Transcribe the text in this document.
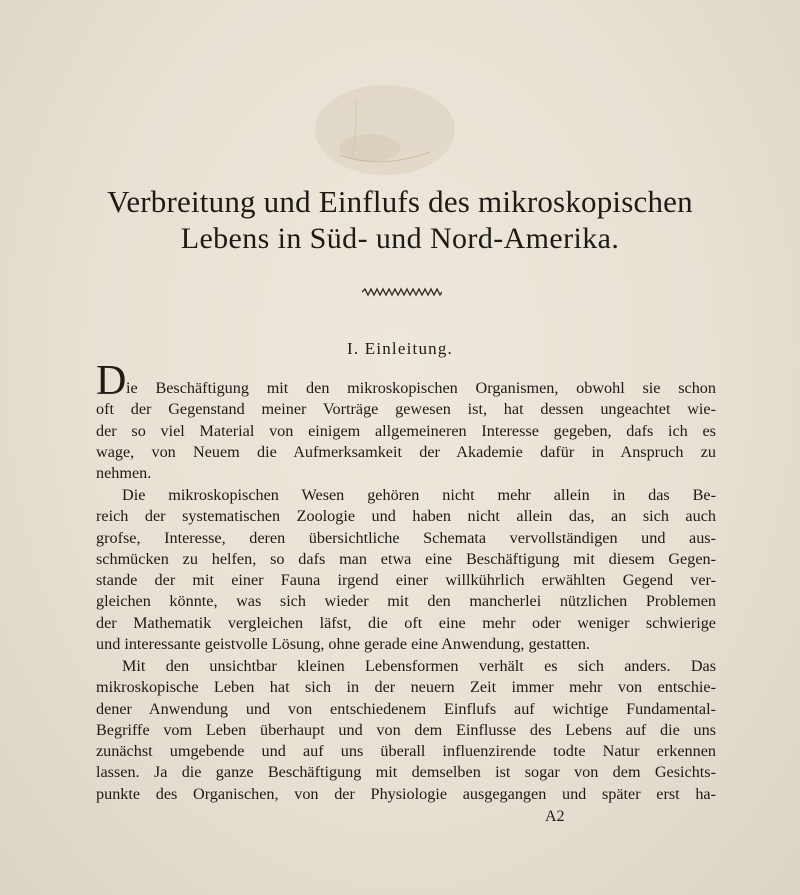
Verbreitung und Einflufs des mikroskopischen
Lebens in Süd- und Nord-Amerika.
I. Einleitung.
D ie Beschäftigung mit den mikroskopischen Organismen, obwohl sie schon
oft der Gegenstand meiner Vorträge gewesen ist, hat dessen ungeachtet wie-
der so viel Material von einigem allgemeineren Interesse gegeben, dafs ich es
wage, von Neuem die Aufmerksamkeit der Akademie dafür in Anspruch zu
nehmen.
Die mikroskopischen Wesen gehören nicht mehr allein in das Be-
reich der systematischen Zoologie und haben nicht allein das, an sich auch
grofse, Interesse, deren übersichtliche Schemata vervollständigen und aus-
schmücken zu helfen, so dafs man etwa eine Beschäftigung mit diesem Gegen-
stande der mit einer Fauna irgend einer willkührlich erwählten Gegend ver-
gleichen könnte, was sich wieder mit den mancherlei nützlichen Problemen
der Mathematik vergleichen läfst, die oft eine mehr oder weniger schwierige
und interessante geistvolle Lösung, ohne gerade eine Anwendung, gestatten.
Mit den unsichtbar kleinen Lebensformen verhält es sich anders. Das
mikroskopische Leben hat sich in der neuern Zeit immer mehr von entschie-
dener Anwendung und von entschiedenem Einflufs auf wichtige Fundamental-
Begriffe vom Leben überhaupt und von dem Einflusse des Lebens auf die uns
zunächst umgebende und auf uns überall influenzirende todte Natur erkennen
lassen. Ja die ganze Beschäftigung mit demselben ist sogar von dem Gesichts-
punkte des Organischen, von der Physiologie ausgegangen und später erst ha-
A2
